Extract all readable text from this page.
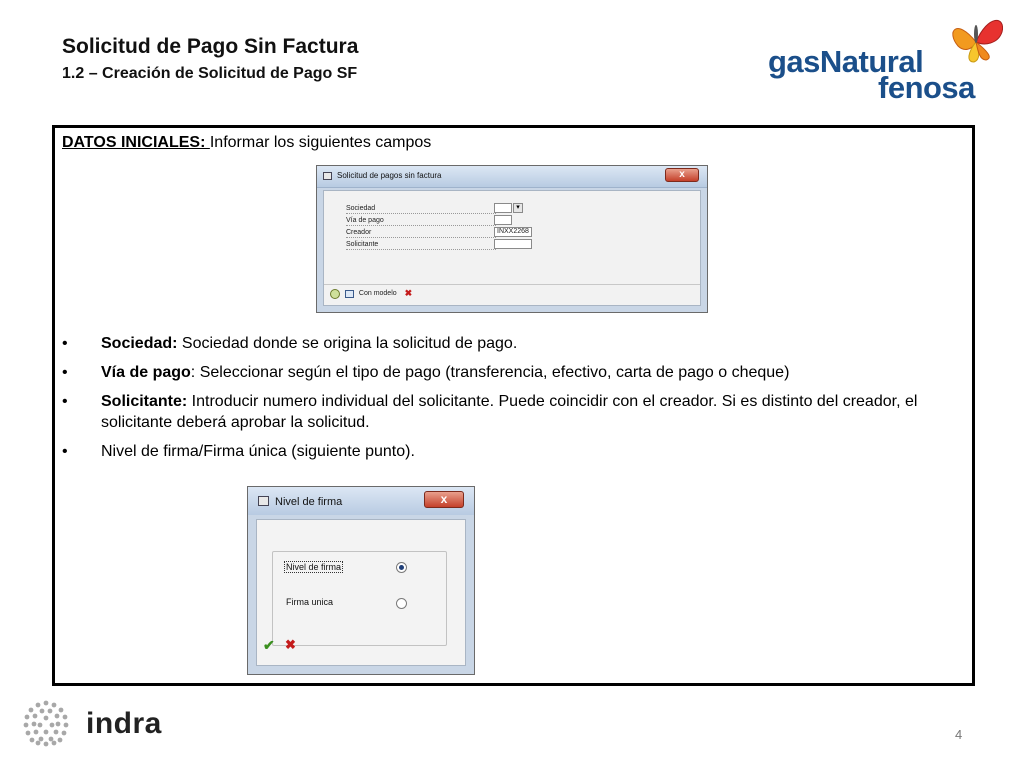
Solicitud de Pago Sin Factura
1.2 – Creación de Solicitud de Pago SF	gasNatural
fenosa
DATOS INICIALES: Informar los siguientes campos
Solicitud de pagos sin factura	x
Sociedad	▾
Vía de pago
Creador	INXX2268
Solicitante
Con modelo ✖
• Sociedad: Sociedad donde se origina la solicitud de pago.
• Vía de pago: Seleccionar según el tipo de pago (transferencia, efectivo, carta de pago o cheque)
• Solicitante: Introducir numero individual del solicitante. Puede coincidir con el creador. Si es distinto del creador, el solicitante deberá aprobar la solicitud.
• Nivel de firma/Firma única (siguiente punto).
Nivel de firma	x
Nivel de firma
Firma unica
✔ ✖
indra	4
